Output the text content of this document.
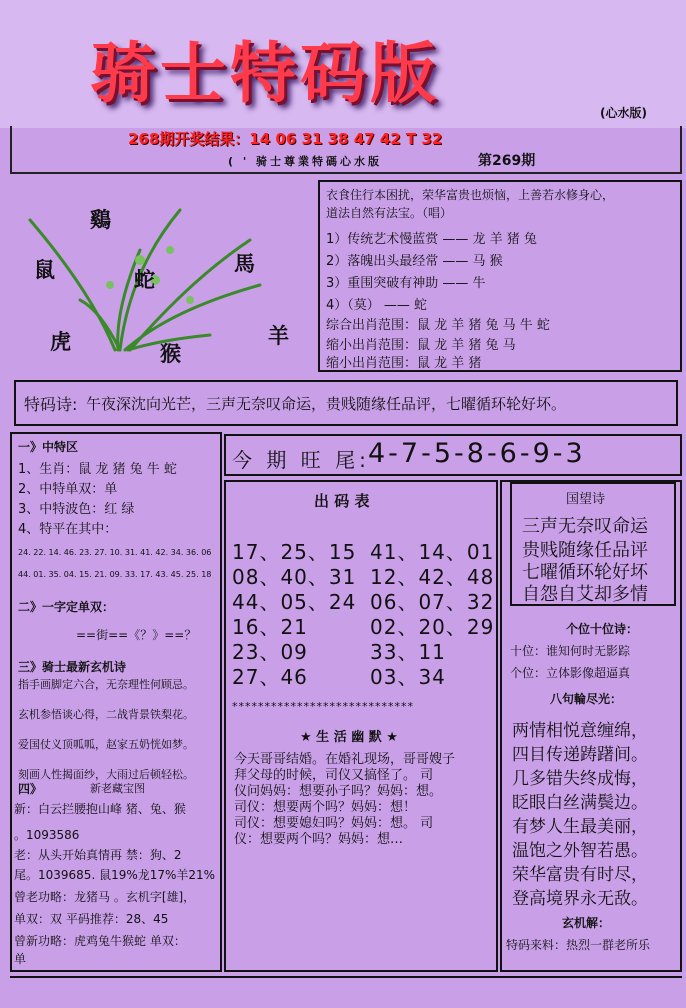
骑士特码版
(心水版)
268期开奖结果：14 06 31 38 47 42 T 32
( ' 骑士尊業特碼心水版	第269期
鷄
鼠	蛇
馬
虎	猴
羊
衣食住行本困扰，荣华富贵也烦恼，上善若水修身心，
道法自然有法宝。（唱）
1）传统艺术慢蓝赏 —— 龙 羊 猪 兔
2）落魄出头最经常 —— 马 猴
3）重围突破有神助 —— 牛
4）（莫） —— 蛇
综合出肖范围：鼠 龙 羊 猪 兔 马 牛 蛇
缩小出肖范围：鼠 龙 羊 猪 兔 马
缩小出肖范围：鼠 龙 羊 猪
特码诗: 午夜深沈向光芒，三声无奈叹命运，贵贱随缘任品评，七曜循环轮好坏。
一》中特区
1、生肖：鼠 龙 猪 兔 牛 蛇
2、中特单双：单
3、中特波色：红 绿
4、特平在其中：
24. 22. 14. 46. 23. 27. 10. 31. 41. 42. 34. 36. 06
44. 01. 35. 04. 15. 21. 09. 33. 17. 43. 45. 25. 18
二》一字定单双：
==街==《？》==？
三》骑士最新玄机诗
指手画脚定六合，无奈理性何顾忌。
玄机参悟谈心得，二战背景铁梨花。
爱国仗义顶呱呱，赵家五奶恍如梦。
刻画人性揭面纱，大雨过后顿轻松。
四》	新老藏宝图
新：白云拦腰抱山峰 猪、兔、猴
。1093586
老：从头开始真情再 禁：狗、2
尾。1039685. 鼠19%龙17%羊21%
曾老功略：龙猪马 。玄机字[雄]，
单双：双 平码推荐：28、45
曾新功略：虎鸡兔牛猴蛇 单双：
单
今 期 旺 尾:
4-7-5-8-6-9-3
出 码 表
17、25、15 41、14、01
08、40、31 12、42、48
44、05、24 06、07、32
16、21	02、20、29
23、09	33、11
27、46	03、34
****************************
★ 生 活 幽 默 ★
今天哥哥结婚。在婚礼现场，哥哥嫂子
拜父母的时候，司仪又搞怪了。 司
仪问妈妈：想要孙子吗？妈妈：想。
司仪：想要两个吗？妈妈：想！
司仪：想要媳妇吗？妈妈：想。 司
仪：想要两个吗？妈妈：想…
国望诗
三声无奈叹命运
贵贱随缘任品评
七曜循环轮好坏
自怨自艾却多情
个位十位诗：
十位：谁知何时无影踪
个位：立体影像超逼真
八句輪尽光：
两情相悦意缠绵，
四目传递踌躇间。
几多错失终成悔，
眨眼白丝满鬓边。
有梦人生最美丽，
温饱之外智若愚。
荣华富贵有时尽，
登高境界永无敌。
玄机解：
特码来料：热烈一群老所乐
